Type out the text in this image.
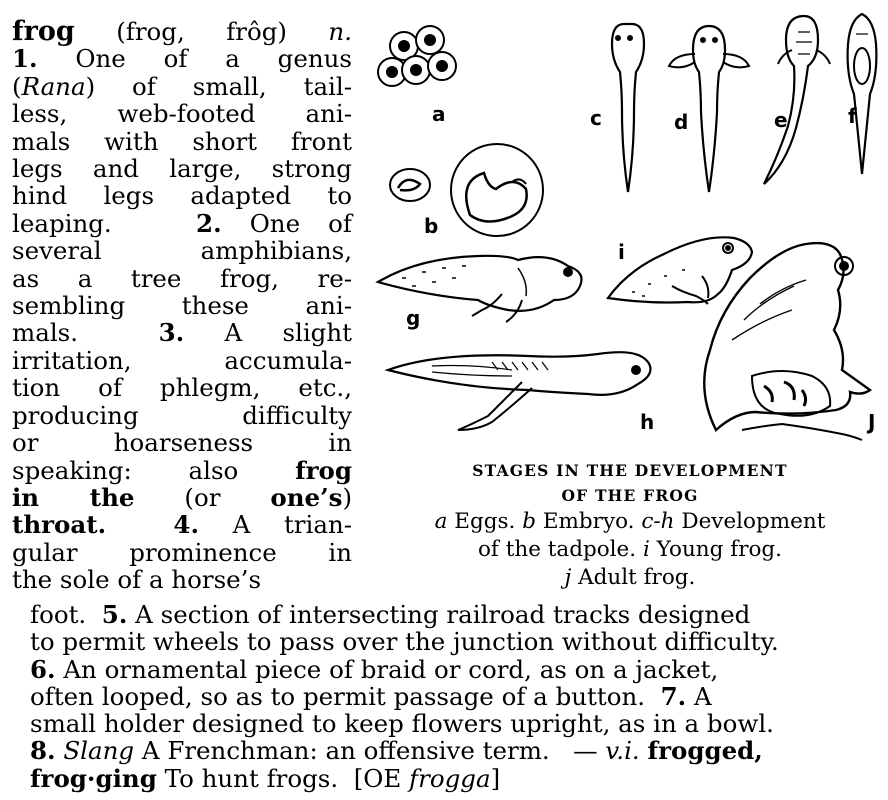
frog (frog, frôg) n.
1. One of a genus
(Rana) of small, tail-
less, web-footed ani-
mals with short front
legs and large, strong
hind legs adapted to
leaping.   2. One of
several amphibians,
as a tree frog, re-
sembling these ani-
mals.  3. A slight
irritation, accumula-
tion of phlegm, etc.,
producing difficulty
or hoarseness in
speaking: also frog
in the (or one’s)
throat.	4. A trian-
gular prominence in
the sole of a horse’s
a
b
c	d	e	f
g
i
h	J
STAGES IN THE DEVELOPMENT
OF THE FROG
a Eggs. b Embryo. c-h Development
of the tadpole. i Young frog.
j Adult frog.
foot.  5. A section of intersecting railroad tracks designed
to permit wheels to pass over the junction without difficulty.
6. An ornamental piece of braid or cord, as on a jacket,
often looped, so as to permit passage of a button.  7. A
small holder designed to keep flowers upright, as in a bowl.
8. Slang A Frenchman: an offensive term.   — v.i. frogged,
frog·ging To hunt frogs.  [OE frogga]
